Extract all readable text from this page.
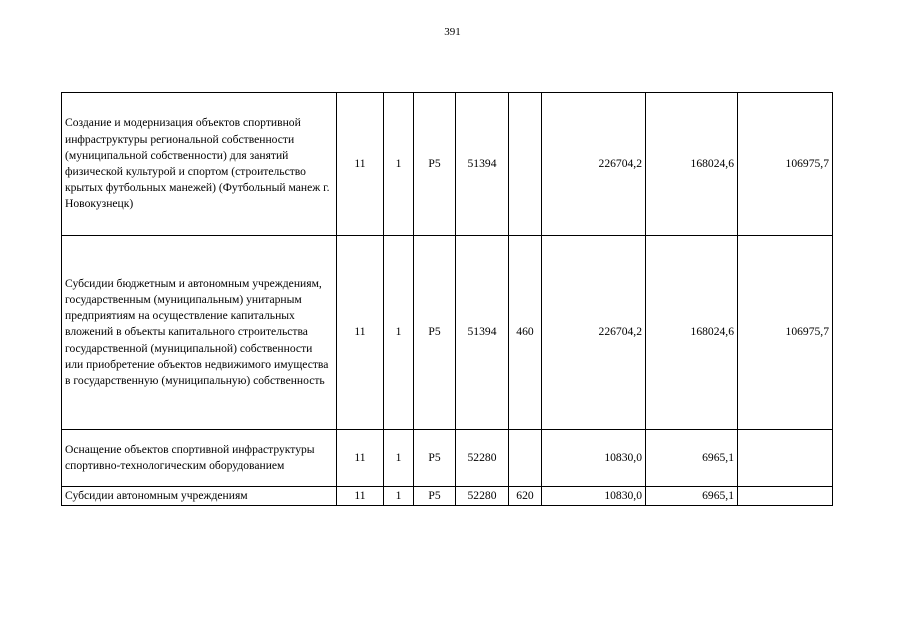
391
Создание и модернизация объектов спортивной инфраструктуры региональной собственности (муниципальной собственности) для занятий физической культурой и спортом (строительство крытых футбольных манежей) (Футбольный манеж г. Новокузнецк)	11	1	Р5	51394		226704,2	168024,6	106975,7
Субсидии бюджетным и автономным учреждениям, государственным (муниципальным) унитарным предприятиям на осуществление капитальных вложений в объекты капитального строительства государственной (муниципальной) собственности или приобретение объектов недвижимого имущества в государственную (муниципальную) собственность	11	1	Р5	51394	460	226704,2	168024,6	106975,7
Оснащение объектов спортивной инфраструктуры спортивно-технологическим оборудованием	11	1	Р5	52280		10830,0	6965,1	
Субсидии автономным учреждениям	11	1	Р5	52280	620	10830,0	6965,1	
